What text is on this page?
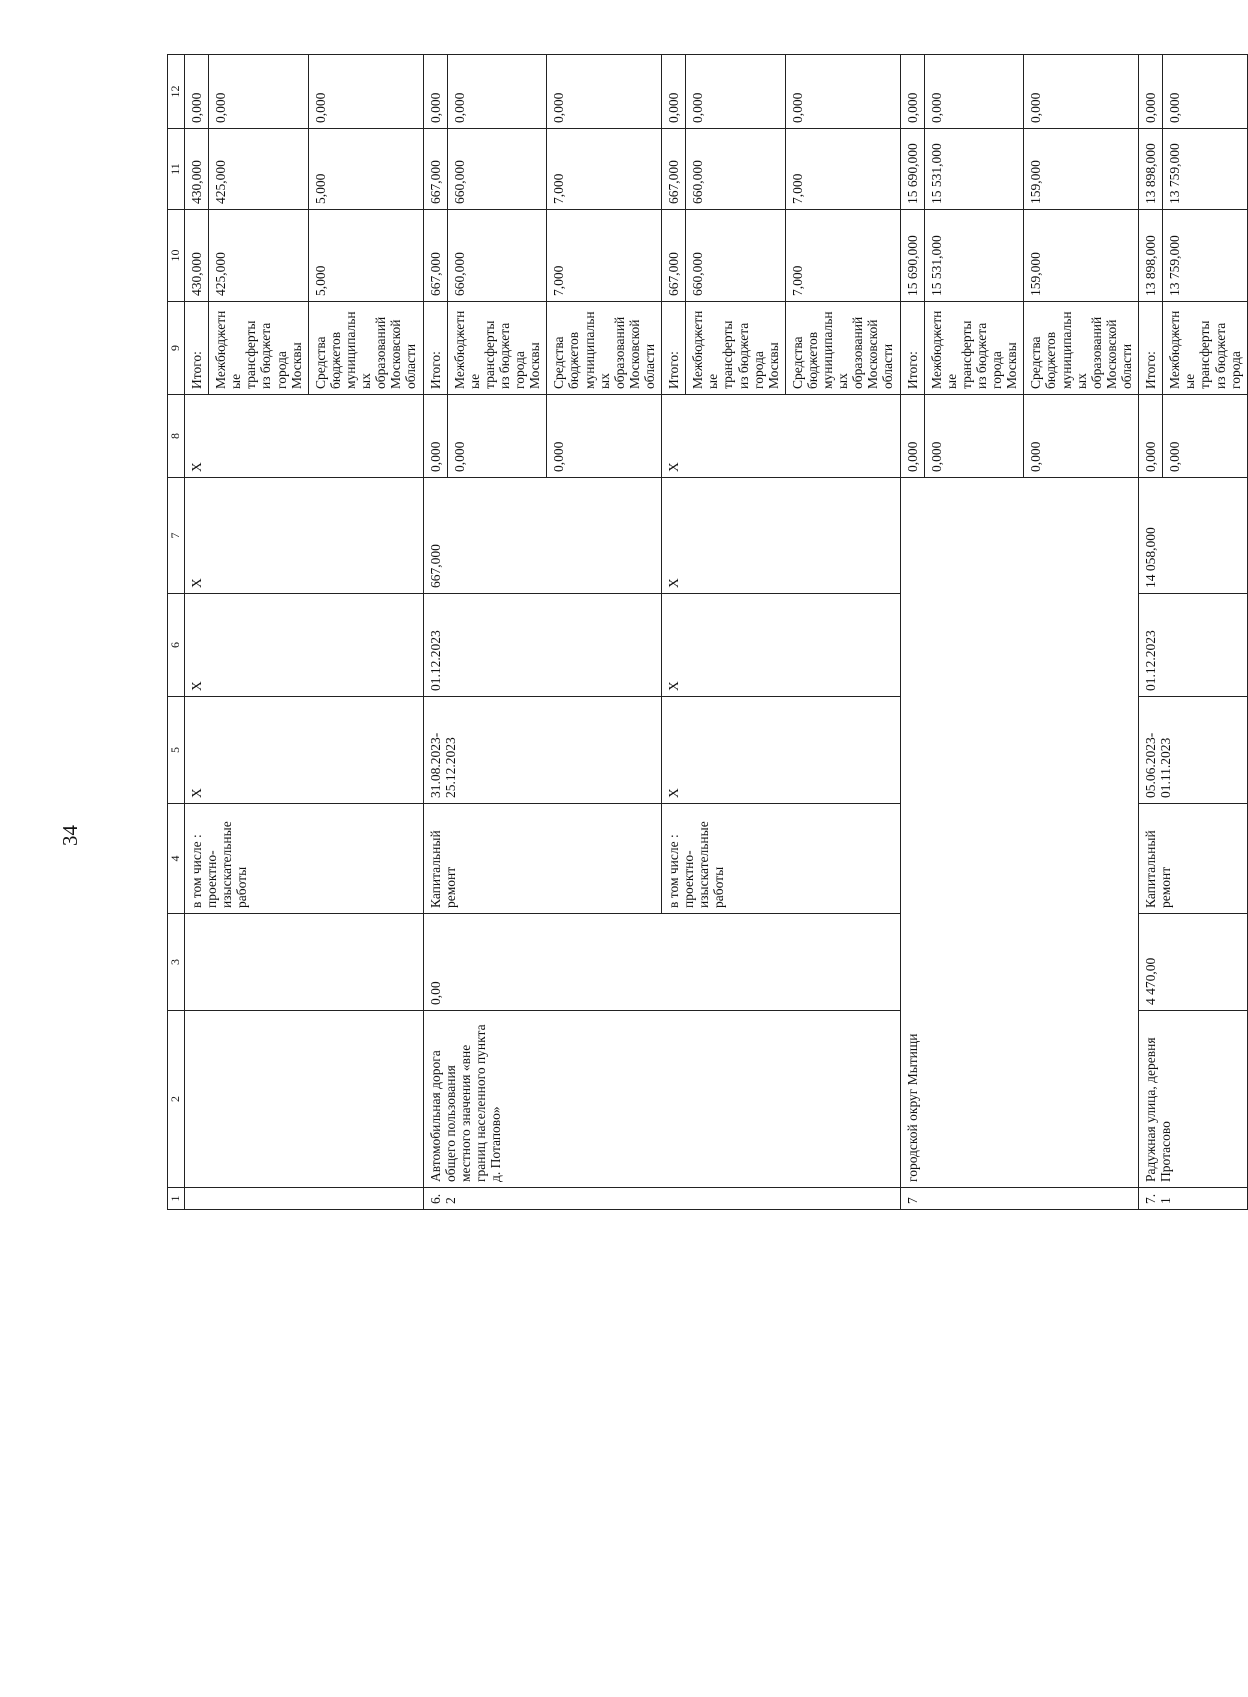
34
1	2	3	4	5	6	7	8	9	10	11	12
			в том числе : проектно-изыскательные работы	X	X	X	X	Итого:	430,000	430,000	0,000
								Межбюджетные трансферты из бюджета города Москвы	425,000	425,000	0,000
								Средства бюджетов муниципальных образований Московской области	5,000	5,000	0,000
6.2	Автомобильная дорога общего пользования местного значения «вне границ населенного пункта д. Потапово»	0,00	Капитальный ремонт	31.08.2023-25.12.2023	01.12.2023	667,000	0,000	Итого:	667,000	667,000	0,000
							0,000	Межбюджетные трансферты из бюджета города Москвы	660,000	660,000	0,000
							0,000	Средства бюджетов муниципальных образований Московской области	7,000	7,000	0,000
			в том числе : проектно-изыскательные работы	X	X	X	X	Итого:	667,000	667,000	0,000
								Межбюджетные трансферты из бюджета города Москвы	660,000	660,000	0,000
								Средства бюджетов муниципальных образований Московской области	7,000	7,000	0,000
7	городской округ Мытищи						0,000	Итого:	15 690,000	15 690,000	0,000
							0,000	Межбюджетные трансферты из бюджета города Москвы	15 531,000	15 531,000	0,000
							0,000	Средства бюджетов муниципальных образований Московской области	159,000	159,000	0,000
7.1	Радужная улица, деревня Протасово	4 470,00	Капитальный ремонт	05.06.2023-01.11.2023	01.12.2023	14 058,000	0,000	Итого:	13 898,000	13 898,000	0,000
							0,000	Межбюджетные трансферты из бюджета города	13 759,000	13 759,000	0,000
